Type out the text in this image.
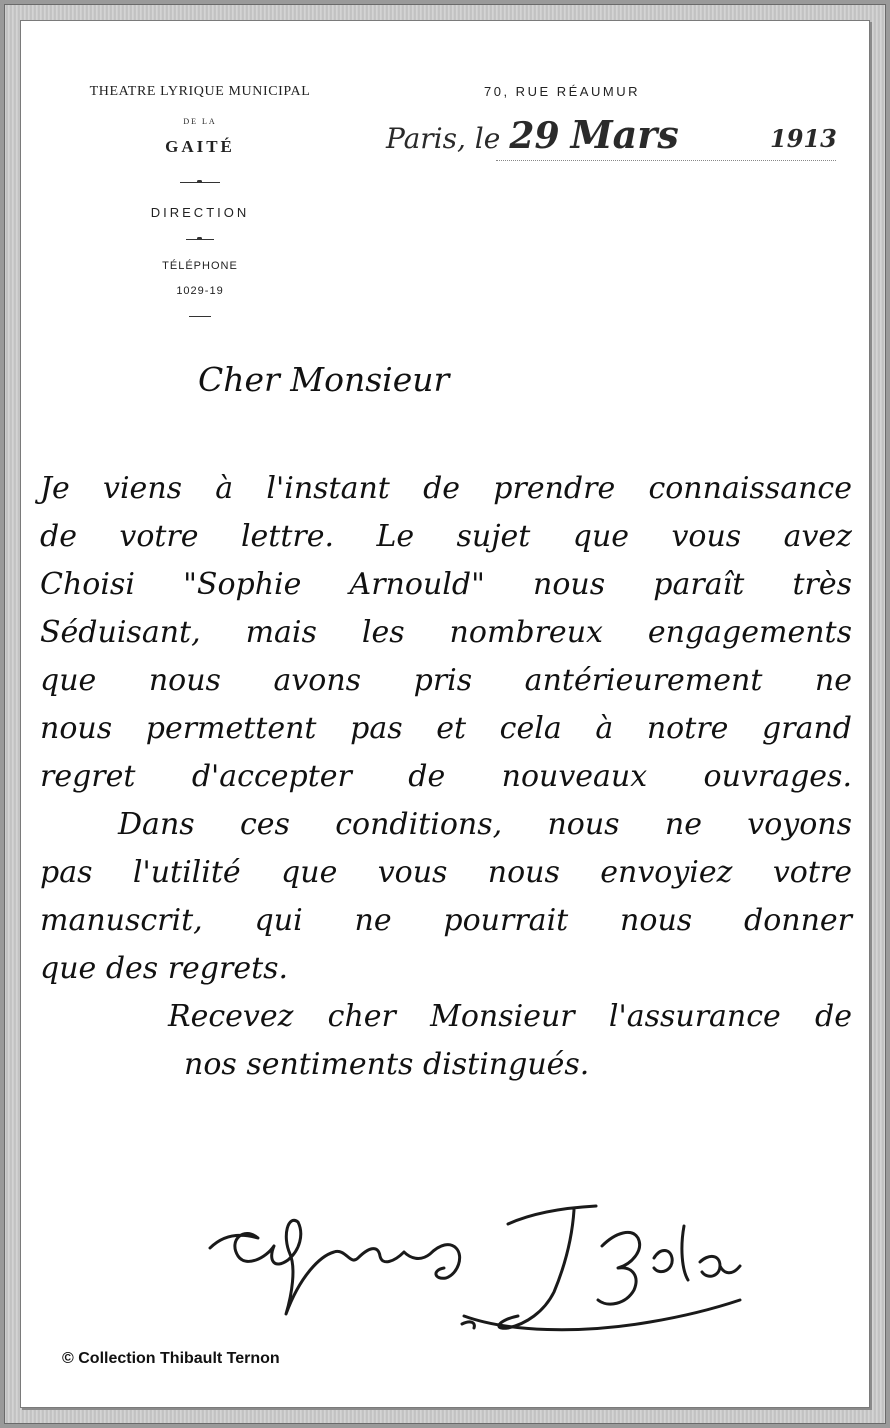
THEATRE LYRIQUE MUNICIPAL

DE LA

GAITÉ

DIRECTION

TÉLÉPHONE

1029-19

70, RUE RÉAUMUR

Paris, le 29 Mars	1913

Cher Monsieur

Je viens à l'instant de prendre connaissance

de votre lettre. Le sujet que vous avez

Choisi "Sophie Arnould" nous paraît très

Séduisant, mais les nombreux engagements

que nous avons pris antérieurement ne

nous permettent pas et cela à notre grand

regret d'accepter de nouveaux ouvrages.

Dans ces conditions, nous ne voyons

pas l'utilité que vous nous envoyiez votre

manuscrit, qui ne pourrait nous donner

que des regrets.

Recevez cher Monsieur l'assurance de

nos sentiments distingués.

© Collection Thibault Ternon
